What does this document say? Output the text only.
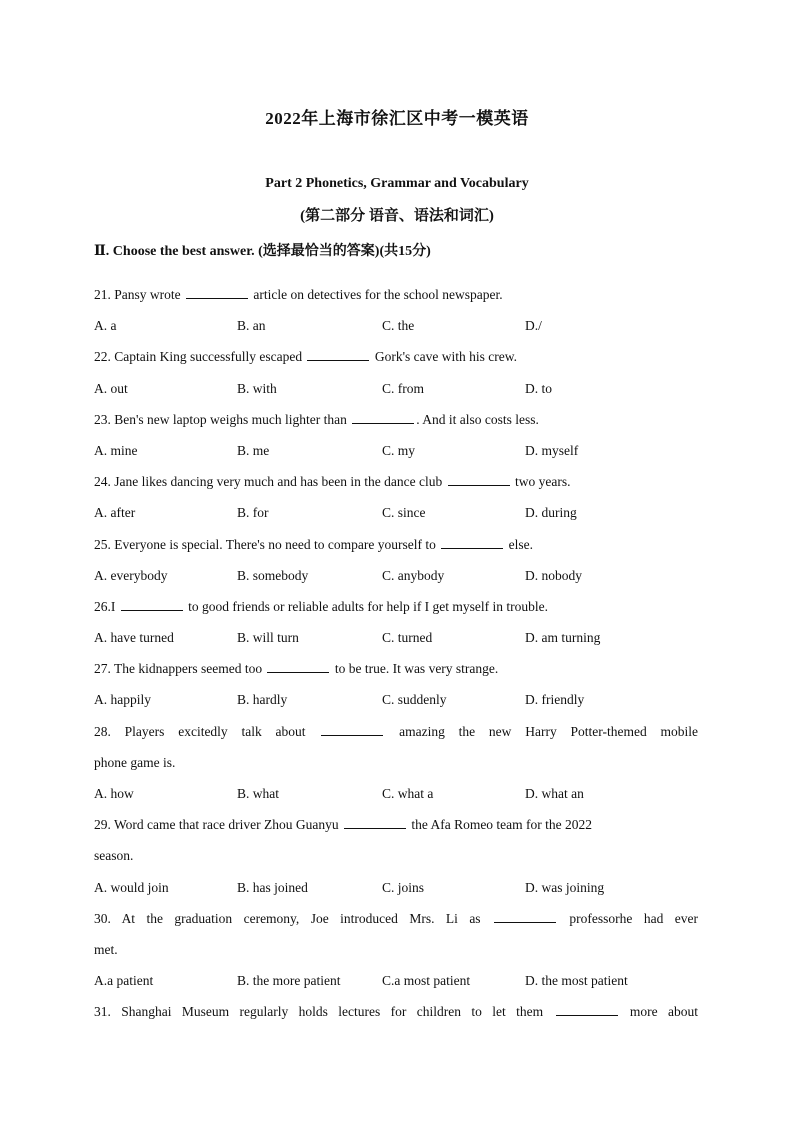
2022年上海市徐汇区中考一模英语
Part 2 Phonetics, Grammar and Vocabulary
(第二部分 语音、语法和词汇)
Ⅱ. Choose the best answer. (选择最恰当的答案)(共15分)
21. Pansy wrote	article on detectives for the school newspaper.
A. a	B. an	C. the	D./
22. Captain King successfully escaped	Gork's cave with his crew.
A. out	B. with	C. from	D. to
23. Ben's new laptop weighs much lighter than	. And it also costs less.
A. mine	B. me	C. my	D. myself
24. Jane likes dancing very much and has been in the dance club	two years.
A. after	B. for	C. since	D. during
25. Everyone is special. There's no need to compare yourself to	else.
A. everybody	B. somebody	C. anybody	D. nobody
26.I	to good friends or reliable adults for help if I get myself in trouble.
A. have turned	B. will turn	C. turned	D. am turning
27. The kidnappers seemed too	to be true. It was very strange.
A. happily	B. hardly	C. suddenly	D. friendly
28. Players excitedly talk about	amazing the new Harry Potter-themed mobile
phone game is.
A. how	B. what	C. what a	D. what an
29. Word came that race driver Zhou Guanyu	the Afa Romeo team for the 2022
season.
A. would join	B. has joined	C. joins	D. was joining
30. At the graduation ceremony, Joe introduced Mrs. Li as	professorhe had ever
met.
A.a patient	B. the more patient	C.a most patient	D. the most patient
31. Shanghai Museum regularly holds lectures for children to let them	more about
